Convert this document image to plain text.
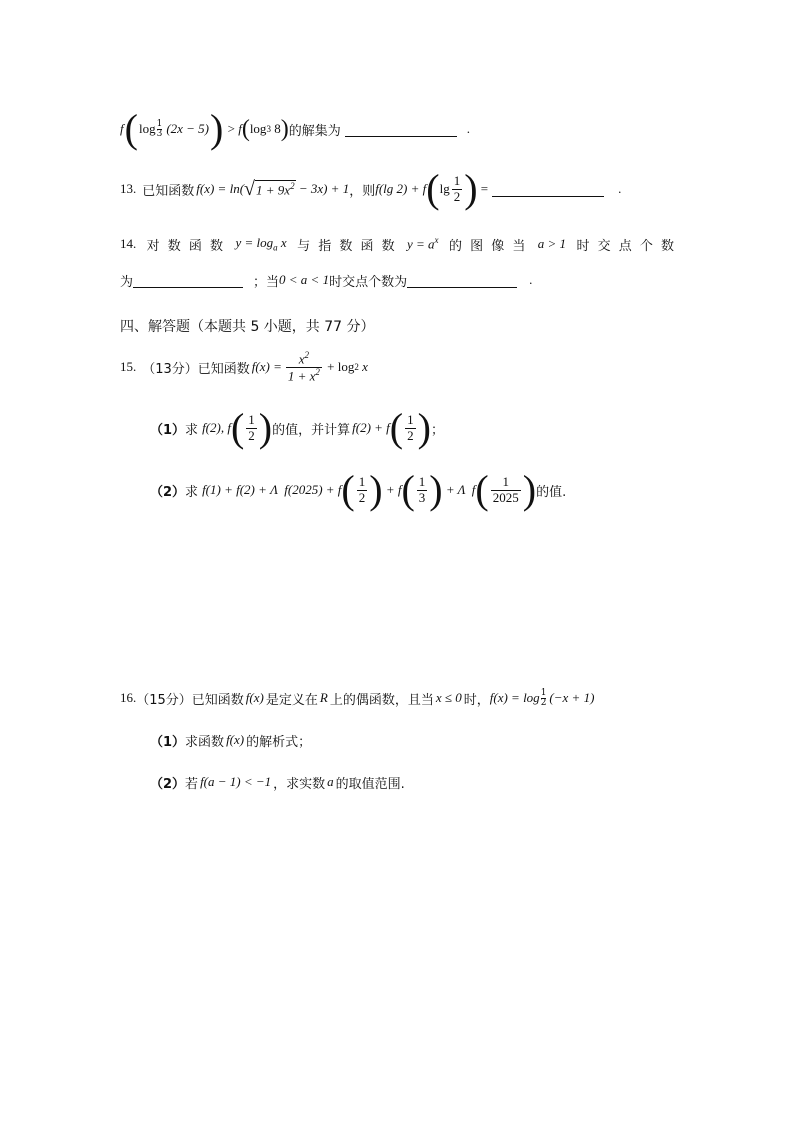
f ( log 1
3 (2x − 5) ) > f ( log 3 8 ) 的解集为	.
13. 已知函数 f(x) = ln( √ $1 + 9x^2 - 3x) + 1$ ，则 f(lg 2) + f ( $\lg \frac{1}{2}$ ) =	.
14. 对 数 函 数 $y = \log_a x$ 与 指 数 函 数 $y = a^x$ 的 图 像 当 a > 1 时 交 点 个 数
为	；当 0 < a < 1 时交点个数为	.
四、解答题（本题共 5 小题，共 77 分）
15. （13分）已知函数 $f(x) = \frac{x^2}{1 + x^2} + \log 2$ x
（1） 求 f(2), f ( $\frac{1}{2}$ ) 的值，并计算 f(2) + f ( $\frac{1}{2}$ ) ；
（2） 求 f(1) + f(2) + Λ  f(2025) + f ( $\frac{1}{2}$ ) + f ( $\frac{1}{3}$ ) + Λ  f ( $\frac{1}{2025}$ ) 的值.
16. （15分）已知函数 f(x) 是定义在 R 上的偶函数，且当 x ≤ 0 时， f(x) = log 1
2 (−x + 1)
（1） 求函数 f(x) 的解析式；
（2） 若 f(a − 1) < −1 ，求实数 a 的取值范围.
